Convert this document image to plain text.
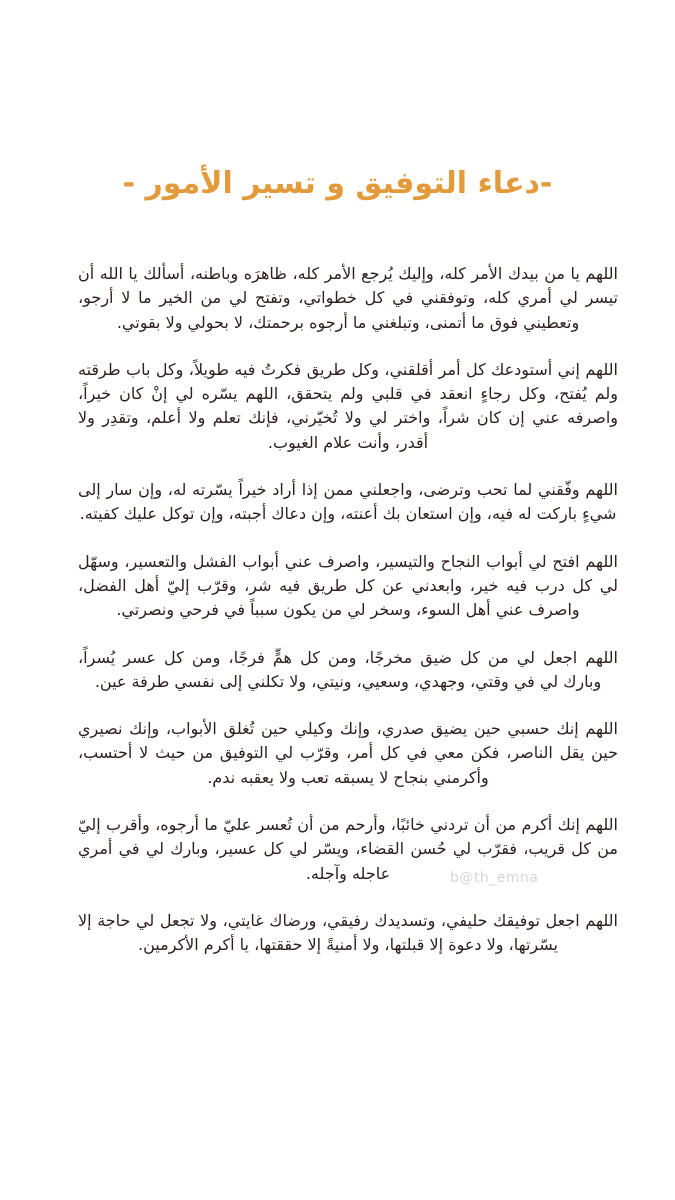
-دعاء التوفيق و تسير الأمور -

اللهم يا من بيدك الأمر كله، وإليك يُرجع الأمر كله، ظاهرَه وباطنه، أسألك يا الله أن تيسر لي أمري كله، وتوفقني في كل خطواتي، وتفتح لي من الخير ما لا أرجو، وتعطيني فوق ما أتمنى، وتبلغني ما أرجوه برحمتك، لا بحولي ولا بقوتي.

اللهم إني أستودعك كل أمر أقلقني، وكل طريق فكرتُ فيه طويلاً، وكل باب طرقته ولم يُفتح، وكل رجاءٍ انعقد في قلبي ولم يتحقق، اللهم يسّره لي إنْ كان خيراً، واصرفه عني إن كان شراً، واختر لي ولا تُخيّرني، فإنك تعلم ولا أعلم، وتقدِر ولا أقدر، وأنت علام الغيوب.

اللهم وفّقني لما تحب وترضى، واجعلني ممن إذا أراد خيراً يسّرته له، وإن سار إلى شيءٍ باركت له فيه، وإن استعان بك أعنته، وإن دعاك أجبته، وإن توكل عليك كفيته.

اللهم افتح لي أبواب النجاح والتيسير، واصرف عني أبواب الفشل والتعسير، وسهّل لي كل درب فيه خير، وابعدني عن كل طريق فيه شر، وقرّب إليّ أهل الفضل، واصرف عني أهل السوء، وسخر لي من يكون سبباً في فرحي ونصرتي.

اللهم اجعل لي من كل ضيق مخرجًا، ومن كل همٍّ فرجًا، ومن كل عسر يُسراً، وبارك لي في وقتي، وجهدي، وسعيي، ونيتي، ولا تكلني إلى نفسي طرفة عين.

اللهم إنك حسبي حين يضيق صدري، وإنك وكيلي حين تُغلق الأبواب، وإنك نصيري حين يقل الناصر، فكن معي في كل أمر، وقرّب لي التوفيق من حيث لا أحتسب، وأكرمني بنجاح لا يسبقه تعب ولا يعقبه ندم.

اللهم إنك أكرم من أن تردني خائبًا، وأرحم من أن تُعسر عليّ ما أرجوه، وأقرب إليّ من كل قريب، فقرّب لي حُسن القضاء، ويسّر لي كل عسير، وبارك لي في أمري عاجله وآجله.

اللهم اجعل توفيقك حليفي، وتسديدك رفيقي، ورضاك غايتي، ولا تجعل لي حاجة إلا يسّرتها، ولا دعوة إلا قبلتها، ولا أمنيةً إلا حققتها، يا أكرم الأكرمين.

b@th_emna
